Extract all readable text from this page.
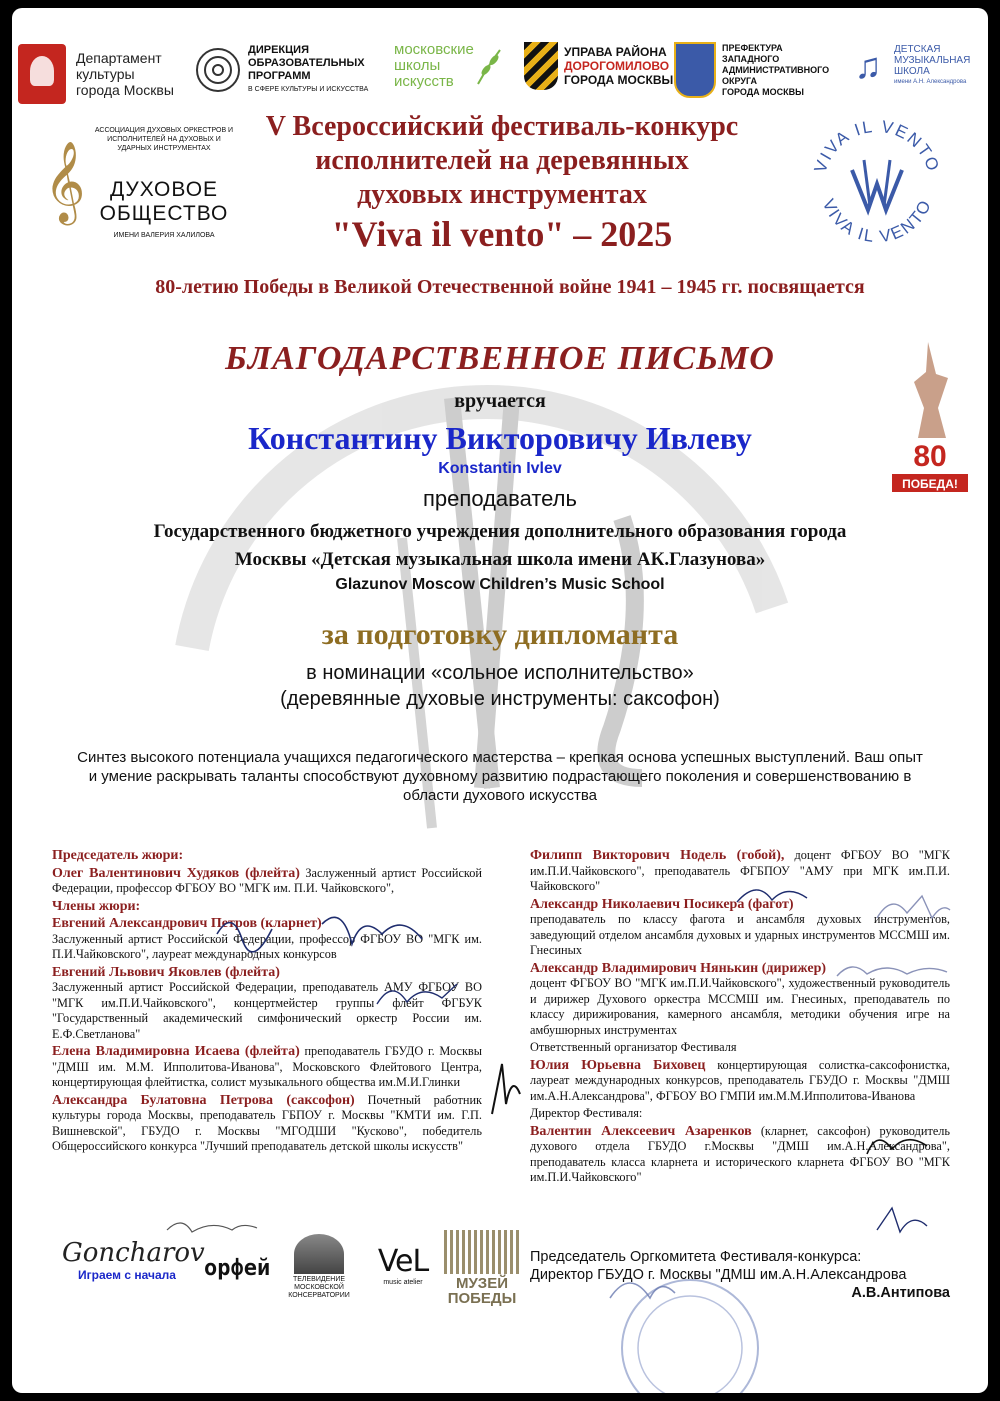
Департамент
культуры
города Москвы
ДИРЕКЦИЯ
ОБРАЗОВАТЕЛЬНЫХ
ПРОГРАММ
В СФЕРЕ КУЛЬТУРЫ И ИСКУССТВА
московские
школы
искусств
УПРАВА РАЙОНА
ДОРОГОМИЛОВО
ГОРОДА МОСКВЫ
ПРЕФЕКТУРА
ЗАПАДНОГО
АДМИНИСТРАТИВНОГО
ОКРУГА
ГОРОДА МОСКВЫ
♫	ДЕТСКАЯ
МУЗЫКАЛЬНАЯ
ШКОЛА
имени А.Н. Александрова
𝄞
АССОЦИАЦИЯ ДУХОВЫХ ОРКЕСТРОВ И ИСПОЛНИТЕЛЕЙ НА ДУХОВЫХ И УДАРНЫХ ИНСТРУМЕНТАХ
ДУХОВОЕ
ОБЩЕСТВО
ИМЕНИ ВАЛЕРИЯ ХАЛИЛОВА
VIVA IL VENTO
VIVA IL VENTO
V Всероссийский фестиваль-конкурс
исполнителей на деревянных
духовых инструментах
"Viva il vento" – 2025
80-летию Победы в Великой Отечественной войне 1941 – 1945 гг. посвящается
80
ПОБЕДА!
БЛАГОДАРСТВЕННОЕ ПИСЬМО
вручается
Константину Викторовичу Ивлеву
Konstantin Ivlev
преподаватель
Государственного бюджетного учреждения дополнительного образования города
Москвы «Детская музыкальная школа имени АК.Глазунова»
Glazunov Moscow Children’s Music School
за подготовку дипломанта
в номинации «сольное исполнительство»
(деревянные духовые инструменты: саксофон)
Синтез высокого потенциала учащихся педагогического мастерства – крепкая основа успешных выступлений. Ваш опыт и умение раскрывать таланты способствуют духовному развитию подрастающего поколения и совершенствованию в области духового искусства

Председатель жюри:

Олег Валентинович Худяков (флейта) Заслуженный артист Российской Федерации, профессор ФГБОУ ВО "МГК им. П.И. Чайковского",

Члены жюри:

Евгений Александрович Петров (кларнет)
Заслуженный артист Российской Федерации, профессор ФГБОУ ВО "МГК им. П.И.Чайковского", лауреат международных конкурсов

Евгений Львович Яковлев (флейта)
Заслуженный артист Российской Федерации, преподаватель АМУ ФГБОУ ВО "МГК им.П.И.Чайковского", концертмейстер группы флейт ФГБУК "Государственный академический симфонический оркестр России им. Е.Ф.Светланова"

Елена Владимировна Исаева (флейта) преподаватель ГБУДО г. Москвы "ДМШ им. М.М. Ипполитова-Иванова", Московского Флейтового Центра, концертирующая флейтистка, солист музыкального общества им.М.И.Глинки

Александра Булатовна Петрова (саксофон) Почетный работник культуры города Москвы, преподаватель ГБПОУ г. Москвы "КМТИ им. Г.П. Вишневской", ГБУДО г. Москвы "МГОДШИ "Кусково", победитель Общероссийского конкурса "Лучший преподаватель детской школы искусств"

Филипп Викторович Нодель (гобой), доцент ФГБОУ ВО "МГК им.П.И.Чайковского", преподаватель ФГБПОУ "АМУ при МГК им.П.И. Чайковского"

Александр Николаевич Посикера (фагот)
преподаватель по классу фагота и ансамбля духовых инструментов, заведующий отделом ансамбля духовых и ударных инструментов МССМШ им. Гнесиных

Александр Владимирович Нянькин (дирижер)
доцент ФГБОУ ВО "МГК им.П.И.Чайковского", художественный руководитель и дирижер Духового оркестра МССМШ им. Гнесиных, преподаватель по классу дирижирования, камерного ансамбля, методики обучения игре на амбушюрных инструментах

Ответственный организатор Фестиваля

Юлия Юрьевна Биховец концертирующая солистка-саксофонистка, лауреат международных конкурсов, преподаватель ГБУДО г. Москвы "ДМШ им.А.Н.Александрова", ФГБОУ ВО ГМПИ им.М.М.Ипполитова-Иванова

Директор Фестиваля:

Валентин Алексеевич Азаренков (кларнет, саксофон) руководитель духового отдела ГБУДО г.Москвы "ДМШ им.А.Н.Александрова", преподаватель класса кларнета и исторического кларнета ФГБОУ ВО "МГК им.П.И.Чайковского"

Goncharov
Играем с начала	орфей	ТЕЛЕВИДЕНИЕ МОСКОВСКОЙ КОНСЕРВАТОРИИ
VeL
music atelier	МУЗЕЙ
ПОБЕДЫ
Председатель Оргкомитета Фестиваля-конкурса:
Директор ГБУДО г. Москвы "ДМШ им.А.Н.Александрова
А.В.Антипова
